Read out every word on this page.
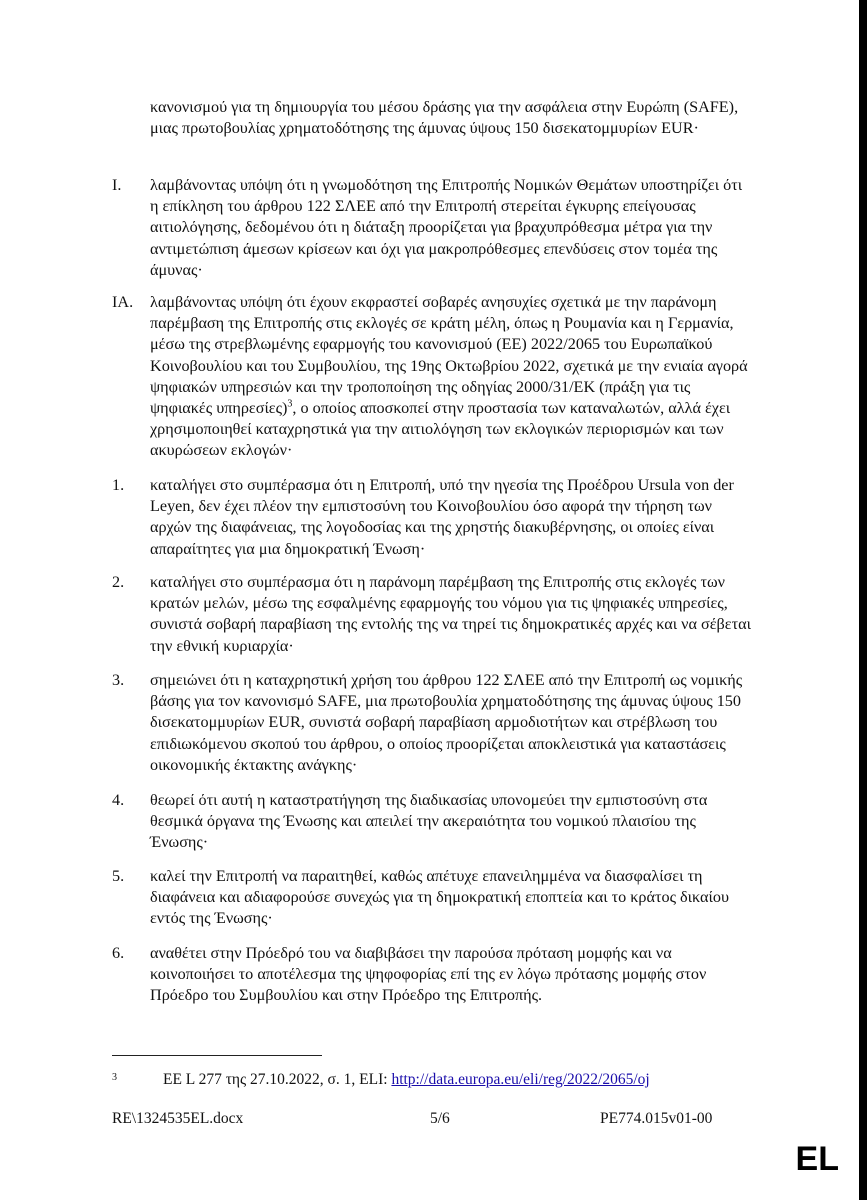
κανονισμού για τη δημιουργία του μέσου δράσης για την ασφάλεια στην Ευρώπη (SAFE), μιας πρωτοβουλίας χρηματοδότησης της άμυνας ύψους 150 δισεκατομμυρίων EUR·
I. λαμβάνοντας υπόψη ότι η γνωμοδότηση της Επιτροπής Νομικών Θεμάτων υποστηρίζει ότι η επίκληση του άρθρου 122 ΣΛΕΕ από την Επιτροπή στερείται έγκυρης επείγουσας αιτιολόγησης, δεδομένου ότι η διάταξη προορίζεται για βραχυπρόθεσμα μέτρα για την αντιμετώπιση άμεσων κρίσεων και όχι για μακροπρόθεσμες επενδύσεις στον τομέα της άμυνας·
IA. λαμβάνοντας υπόψη ότι έχουν εκφραστεί σοβαρές ανησυχίες σχετικά με την παράνομη παρέμβαση της Επιτροπής στις εκλογές σε κράτη μέλη, όπως η Ρουμανία και η Γερμανία, μέσω της στρεβλωμένης εφαρμογής του κανονισμού (ΕΕ) 2022/2065 του Ευρωπαϊκού Κοινοβουλίου και του Συμβουλίου, της 19ης Οκτωβρίου 2022, σχετικά με την ενιαία αγορά ψηφιακών υπηρεσιών και την τροποποίηση της οδηγίας 2000/31/ΕΚ (πράξη για τις ψηφιακές υπηρεσίες)$^3$, ο οποίος αποσκοπεί στην προστασία των καταναλωτών, αλλά έχει χρησιμοποιηθεί καταχρηστικά για την αιτιολόγηση των εκλογικών περιορισμών και των ακυρώσεων εκλογών·
1. καταλήγει στο συμπέρασμα ότι η Επιτροπή, υπό την ηγεσία της Προέδρου Ursula von der Leyen, δεν έχει πλέον την εμπιστοσύνη του Κοινοβουλίου όσο αφορά την τήρηση των αρχών της διαφάνειας, της λογοδοσίας και της χρηστής διακυβέρνησης, οι οποίες είναι απαραίτητες για μια δημοκρατική Ένωση·
2. καταλήγει στο συμπέρασμα ότι η παράνομη παρέμβαση της Επιτροπής στις εκλογές των κρατών μελών, μέσω της εσφαλμένης εφαρμογής του νόμου για τις ψηφιακές υπηρεσίες, συνιστά σοβαρή παραβίαση της εντολής της να τηρεί τις δημοκρατικές αρχές και να σέβεται την εθνική κυριαρχία·
3. σημειώνει ότι η καταχρηστική χρήση του άρθρου 122 ΣΛΕΕ από την Επιτροπή ως νομικής βάσης για τον κανονισμό SAFE, μια πρωτοβουλία χρηματοδότησης της άμυνας ύψους 150 δισεκατομμυρίων EUR, συνιστά σοβαρή παραβίαση αρμοδιοτήτων και στρέβλωση του επιδιωκόμενου σκοπού του άρθρου, ο οποίος προορίζεται αποκλειστικά για καταστάσεις οικονομικής έκτακτης ανάγκης·
4. θεωρεί ότι αυτή η καταστρατήγηση της διαδικασίας υπονομεύει την εμπιστοσύνη στα θεσμικά όργανα της Ένωσης και απειλεί την ακεραιότητα του νομικού πλαισίου της Ένωσης·
5. καλεί την Επιτροπή να παραιτηθεί, καθώς απέτυχε επανειλημμένα να διασφαλίσει τη διαφάνεια και αδιαφορούσε συνεχώς για τη δημοκρατική εποπτεία και το κράτος δικαίου εντός της Ένωσης·
6. αναθέτει στην Πρόεδρό του να διαβιβάσει την παρούσα πρόταση μομφής και να κοινοποιήσει το αποτέλεσμα της ψηφοφορίας επί της εν λόγω πρότασης μομφής στον Πρόεδρο του Συμβουλίου και στην Πρόεδρο της Επιτροπής.
3	ΕΕ L 277 της 27.10.2022, σ. 1, ELI: http://data.europa.eu/eli/reg/2022/2065/oj
RE\1324535EL.docx	5/6	PE774.015v01-00
EL
